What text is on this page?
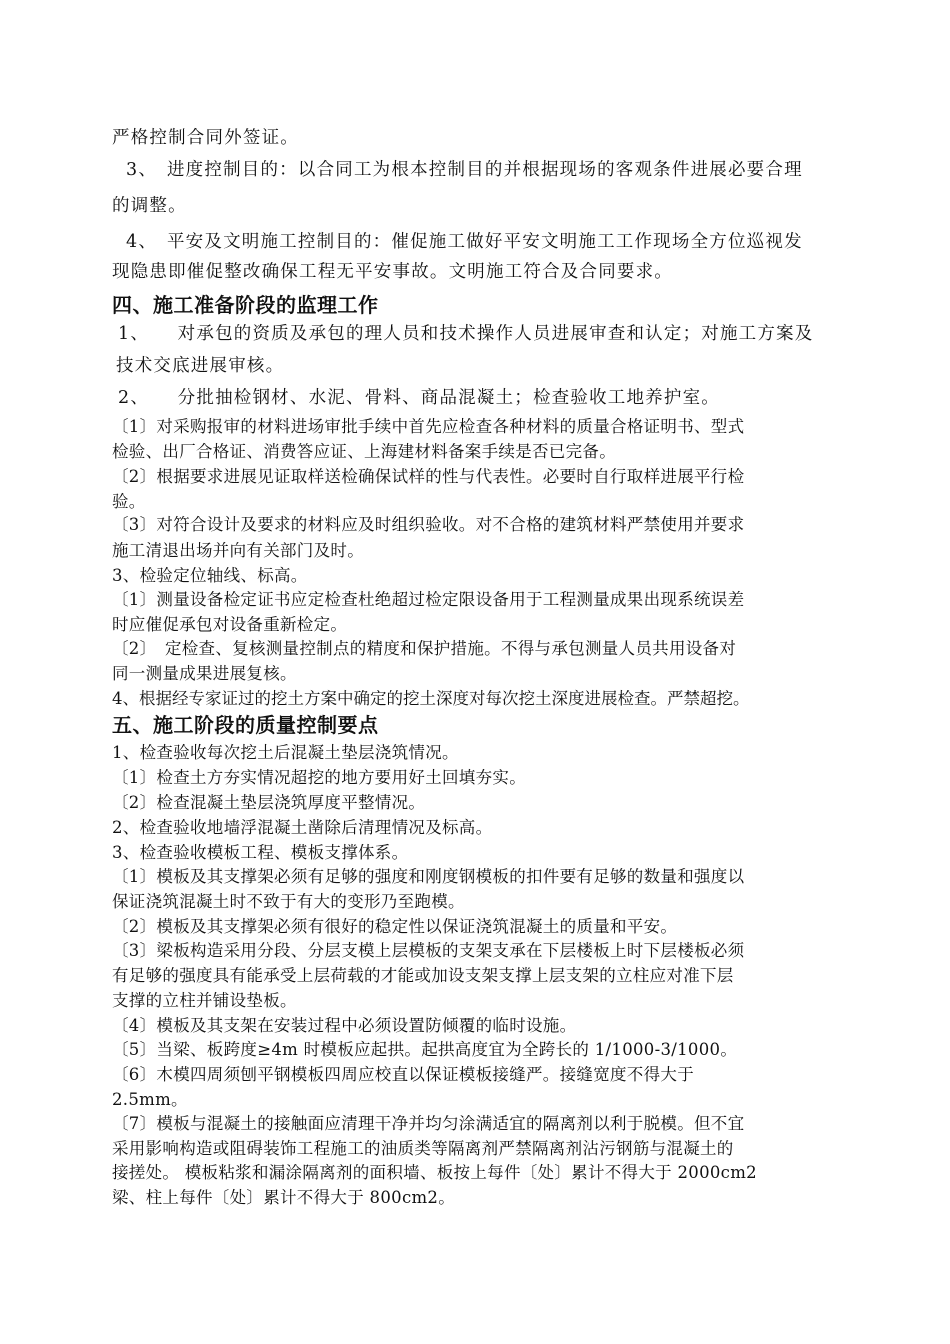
严格控制合同外签证。

3、　进度控制目的：以合同工为根本控制目的并根据现场的客观条件进展必要合理

的调整。

4、　平安及文明施工控制目的：催促施工做好平安文明施工工作现场全方位巡视发

现隐患即催促整改确保工程无平安事故。文明施工符合及合同要求。

四、施工准备阶段的监理工作

1、　　对承包的资质及承包的理人员和技术操作人员进展审查和认定；对施工方案及

技术交底进展审核。

2、　　分批抽检钢材、水泥、骨料、商品混凝土；检查验收工地养护室。

〔1〕对采购报审的材料进场审批手续中首先应检查各种材料的质量合格证明书、型式

检验、出厂合格证、消费答应证、上海建材料备案手续是否已完备。

〔2〕根据要求进展见证取样送检确保试样的性与代表性。必要时自行取样进展平行检

验。

〔3〕对符合设计及要求的材料应及时组织验收。对不合格的建筑材料严禁使用并要求

施工清退出场并向有关部门及时。

3、检验定位轴线、标高。

〔1〕测量设备检定证书应定检查杜绝超过检定限设备用于工程测量成果出现系统误差

时应催促承包对设备重新检定。

〔2〕　定检查、复核测量控制点的精度和保护措施。不得与承包测量人员共用设备对

同一测量成果进展复核。

4、根据经专家证过的挖土方案中确定的挖土深度对每次挖土深度进展检查。严禁超挖。

五、施工阶段的质量控制要点

1、检查验收每次挖土后混凝土垫层浇筑情况。

〔1〕检查土方夯实情况超挖的地方要用好土回填夯实。

〔2〕检查混凝土垫层浇筑厚度平整情况。

2、检查验收地墙浮混凝土凿除后清理情况及标高。

3、检查验收模板工程、模板支撑体系。

〔1〕模板及其支撑架必须有足够的强度和刚度钢模板的扣件要有足够的数量和强度以

保证浇筑混凝土时不致于有大的变形乃至跑模。

〔2〕模板及其支撑架必须有很好的稳定性以保证浇筑混凝土的质量和平安。

〔3〕梁板构造采用分段、分层支模上层模板的支架支承在下层楼板上时下层楼板必须

有足够的强度具有能承受上层荷载的才能或加设支架支撑上层支架的立柱应对准下层

支撑的立柱并铺设垫板。

〔4〕模板及其支架在安装过程中必须设置防倾覆的临时设施。

〔5〕当梁、板跨度≥4m 时模板应起拱。起拱高度宜为全跨长的 1/1000-3/1000。

〔6〕木模四周须刨平钢模板四周应校直以保证模板接缝严。接缝宽度不得大于

2.5mm。

〔7〕模板与混凝土的接触面应清理干净并均匀涂满适宜的隔离剂以利于脱模。但不宜

采用影响构造或阻碍装饰工程施工的油质类等隔离剂严禁隔离剂沾污钢筋与混凝土的

接搓处。 模板粘浆和漏涂隔离剂的面积墙、板按上每件〔处〕累计不得大于 2000cm2

梁、柱上每件〔处〕累计不得大于 800cm2。
